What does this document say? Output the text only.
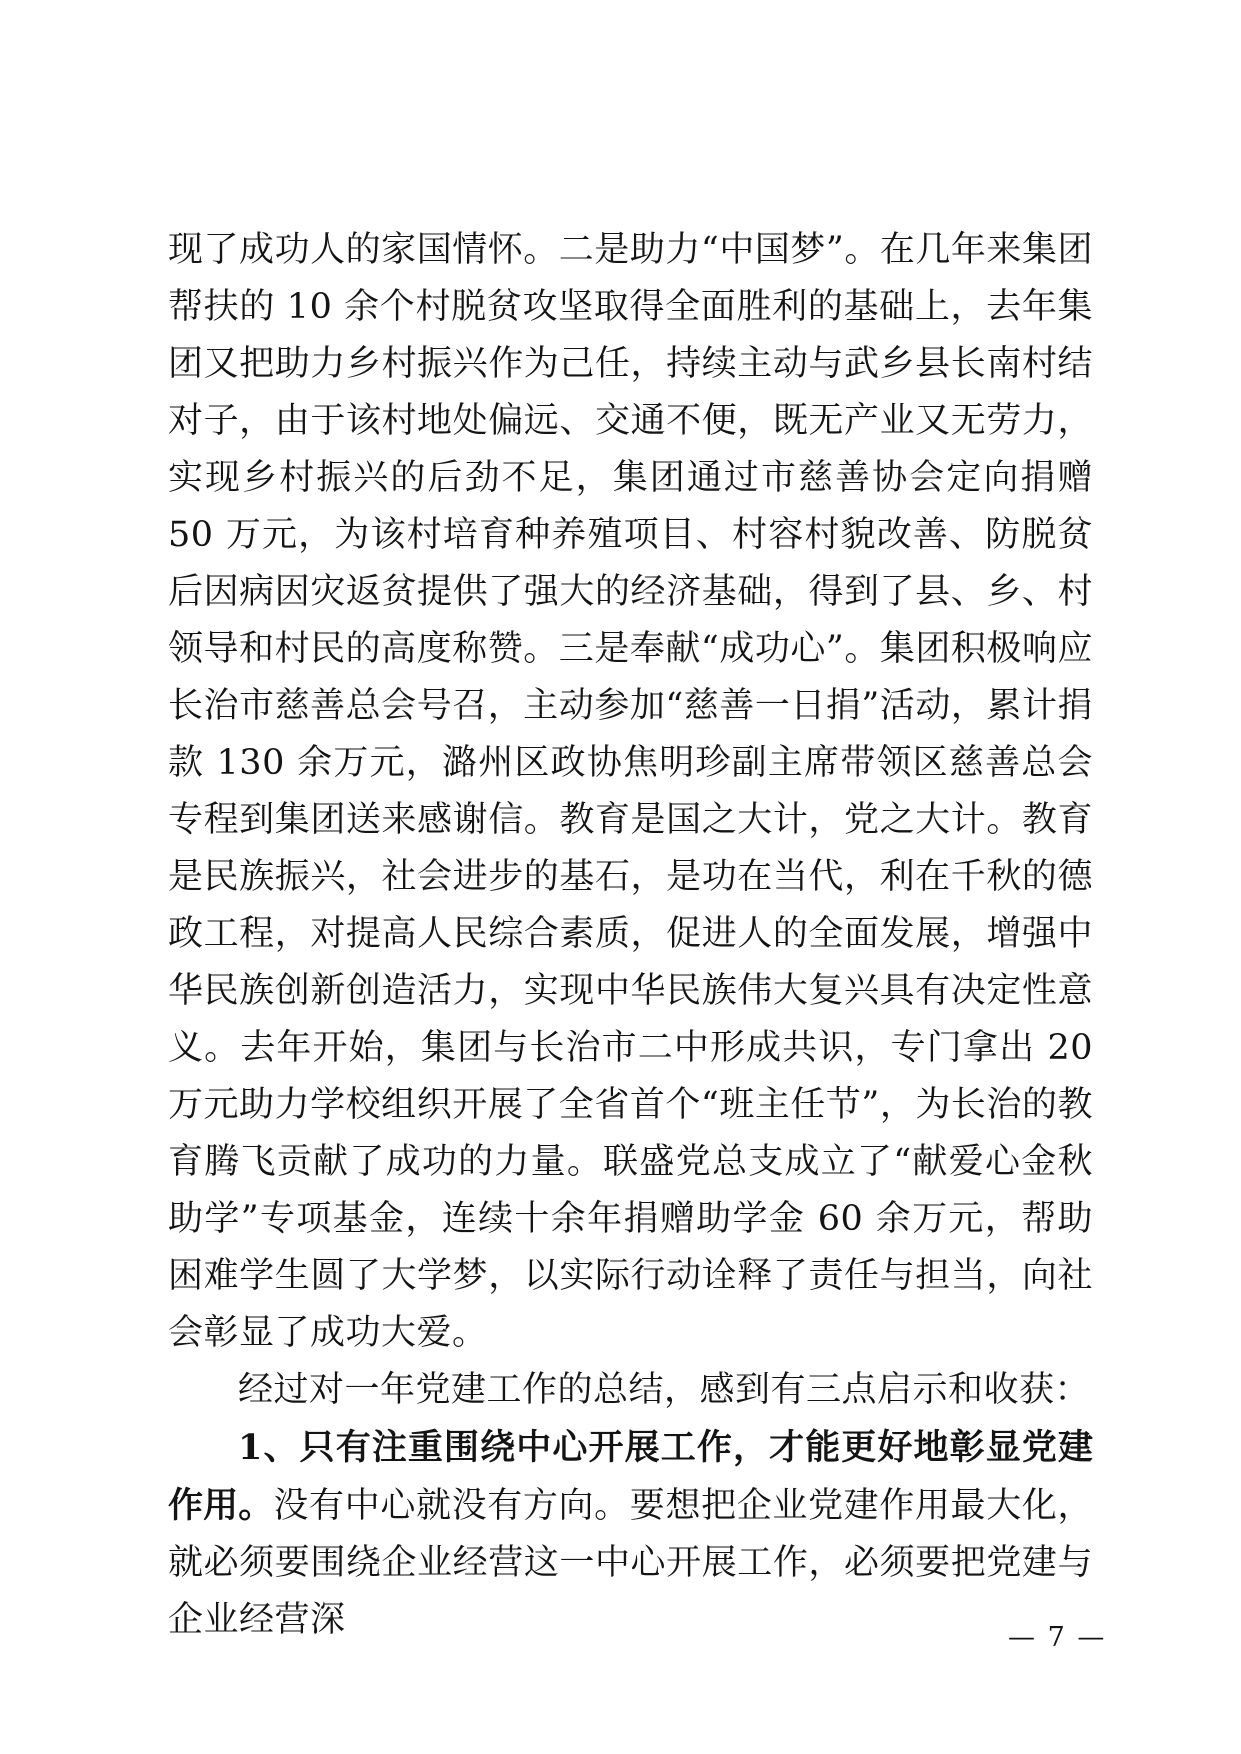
现了成功人的家国情怀。二是助力“中国梦”。在几年来集团帮扶的 10 余个村脱贫攻坚取得全面胜利的基础上，去年集团又把助力乡村振兴作为己任，持续主动与武乡县长南村结对子，由于该村地处偏远、交通不便，既无产业又无劳力，实现乡村振兴的后劲不足，集团通过市慈善协会定向捐赠 50 万元，为该村培育种养殖项目、村容村貌改善、防脱贫后因病因灾返贫提供了强大的经济基础，得到了县、乡、村领导和村民的高度称赞。三是奉献“成功心”。集团积极响应长治市慈善总会号召，主动参加“慈善一日捐”活动，累计捐款 130 余万元，潞州区政协焦明珍副主席带领区慈善总会专程到集团送来感谢信。教育是国之大计，党之大计。教育是民族振兴，社会进步的基石，是功在当代，利在千秋的德政工程，对提高人民综合素质，促进人的全面发展，增强中华民族创新创造活力，实现中华民族伟大复兴具有决定性意义。去年开始，集团与长治市二中形成共识，专门拿出 20 万元助力学校组织开展了全省首个“班主任节”，为长治的教育腾飞贡献了成功的力量。联盛党总支成立了“献爱心金秋助学”专项基金，连续十余年捐赠助学金 60 余万元，帮助困难学生圆了大学梦，以实际行动诠释了责任与担当，向社会彰显了成功大爱。

经过对一年党建工作的总结，感到有三点启示和收获：

1、只有注重围绕中心开展工作，才能更好地彰显党建作用。没有中心就没有方向。要想把企业党建作用最大化，就必须要围绕企业经营这一中心开展工作，必须要把党建与企业经营深	— 7 —
